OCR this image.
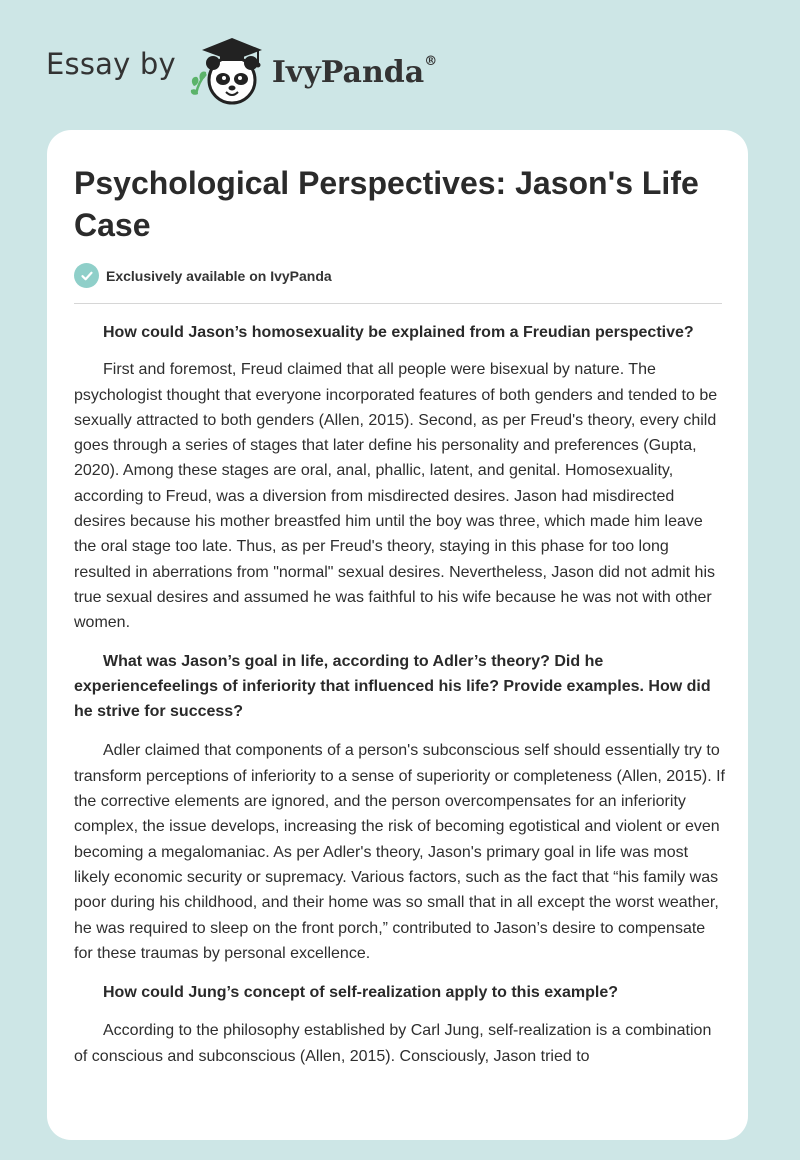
Essay by	IvyPanda®
Psychological Perspectives: Jason's Life Case
Exclusively available on IvyPanda

How could Jason’s homosexuality be explained from a Freudian perspective?

First and foremost, Freud claimed that all people were bisexual by nature. The psychologist thought that everyone incorporated features of both genders and tended to be sexually attracted to both genders (Allen, 2015). Second, as per Freud's theory, every child goes through a series of stages that later define his personality and preferences (Gupta, 2020). Among these stages are oral, anal, phallic, latent, and genital. Homosexuality, according to Freud, was a diversion from misdirected desires. Jason had misdirected desires because his mother breastfed him until the boy was three, which made him leave the oral stage too late. Thus, as per Freud's theory, staying in this phase for too long resulted in aberrations from "normal" sexual desires. Nevertheless, Jason did not admit his true sexual desires and assumed he was faithful to his wife because he was not with other women.

What was Jason’s goal in life, according to Adler’s theory? Did he experiencefeelings of inferiority that influenced his life? Provide examples. How did he strive for success?

Adler claimed that components of a person's subconscious self should essentially try to transform perceptions of inferiority to a sense of superiority or completeness (Allen, 2015). If the corrective elements are ignored, and the person overcompensates for an inferiority complex, the issue develops, increasing the risk of becoming egotistical and violent or even becoming a megalomaniac. As per Adler's theory, Jason's primary goal in life was most likely economic security or supremacy. Various factors, such as the fact that “his family was poor during his childhood, and their home was so small that in all except the worst weather, he was required to sleep on the front porch,” contributed to Jason’s desire to compensate for these traumas by personal excellence.

How could Jung’s concept of self-realization apply to this example?

According to the philosophy established by Carl Jung, self-realization is a combination of conscious and subconscious (Allen, 2015). Consciously, Jason tried to
